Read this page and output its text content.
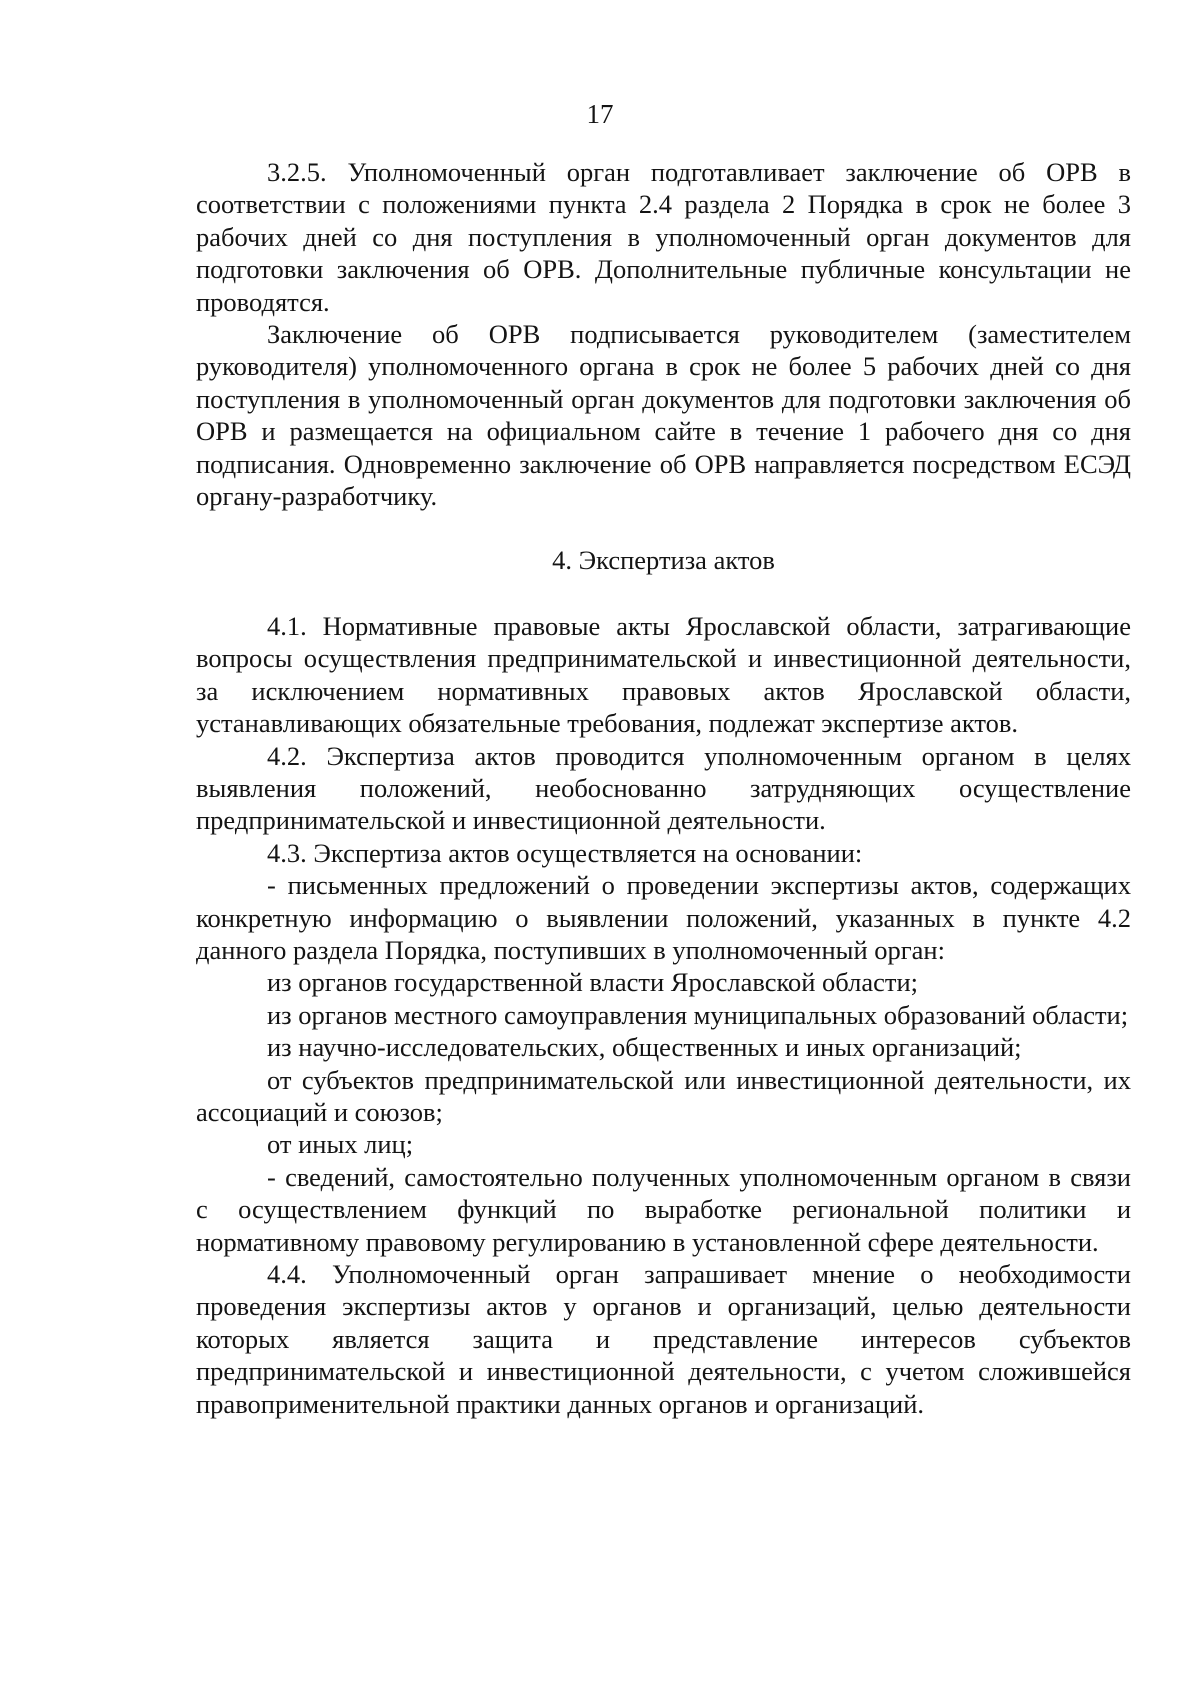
17

3.2.5. Уполномоченный орган подготавливает заключение об ОРВ в соответствии с положениями пункта 2.4 раздела 2 Порядка в срок не более 3 рабочих дней со дня поступления в уполномоченный орган документов для подготовки заключения об ОРВ. Дополнительные публичные консультации не проводятся.

Заключение об ОРВ подписывается руководителем (заместителем руководителя) уполномоченного органа в срок не более 5 рабочих дней со дня поступления в уполномоченный орган документов для подготовки заключения об ОРВ и размещается на официальном сайте в течение 1 рабочего дня со дня подписания. Одновременно заключение об ОРВ направляется посредством ЕСЭД органу-разработчику.

4. Экспертиза актов

4.1. Нормативные правовые акты Ярославской области, затрагивающие вопросы осуществления предпринимательской и инвестиционной деятельности, за исключением нормативных правовых актов Ярославской области, устанавливающих обязательные требования, подлежат экспертизе актов.

4.2. Экспертиза актов проводится уполномоченным органом в целях выявления положений, необоснованно затрудняющих осуществление предпринимательской и инвестиционной деятельности.

4.3. Экспертиза актов осуществляется на основании:

- письменных предложений о проведении экспертизы актов, содержащих конкретную информацию о выявлении положений, указанных в пункте 4.2 данного раздела Порядка, поступивших в уполномоченный орган:

из органов государственной власти Ярославской области;

из органов местного самоуправления муниципальных образований области;

из научно-исследовательских, общественных и иных организаций;

от субъектов предпринимательской или инвестиционной деятельности, их ассоциаций и союзов;

от иных лиц;

- сведений, самостоятельно полученных уполномоченным органом в связи с осуществлением функций по выработке региональной политики и нормативному правовому регулированию в установленной сфере деятельности.

4.4. Уполномоченный орган запрашивает мнение о необходимости проведения экспертизы актов у органов и организаций, целью деятельности которых является защита и представление интересов субъектов предпринимательской и инвестиционной деятельности, с учетом сложившейся правоприменительной практики данных органов и организаций.
